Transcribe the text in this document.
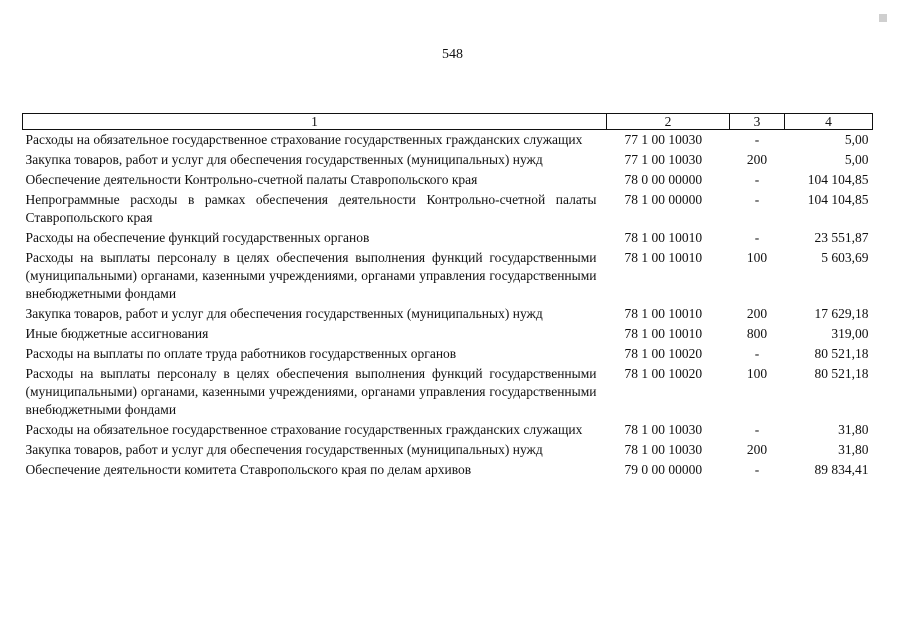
548
1	2	3	4
Расходы на обязательное государственное страхование государственных гражданских служащих	77 1 00 10030	-	5,00
Закупка товаров, работ и услуг для обеспечения государственных (муниципальных) нужд	77 1 00 10030	200	5,00
Обеспечение деятельности Контрольно-счетной палаты Ставропольского края	78 0 00 00000	-	104 104,85
Непрограммные расходы в рамках обеспечения деятельности Контрольно-счетной палаты Ставропольского края	78 1 00 00000	-	104 104,85
Расходы на обеспечение функций государственных органов	78 1 00 10010	-	23 551,87
Расходы на выплаты персоналу в целях обеспечения выполнения функций государственными (муниципальными) органами, казенными учреждениями, органами управления государственными внебюджетными фондами	78 1 00 10010	100	5 603,69
Закупка товаров, работ и услуг для обеспечения государственных (муниципальных) нужд	78 1 00 10010	200	17 629,18
Иные бюджетные ассигнования	78 1 00 10010	800	319,00
Расходы на выплаты по оплате труда работников государственных органов	78 1 00 10020	-	80 521,18
Расходы на выплаты персоналу в целях обеспечения выполнения функций государственными (муниципальными) органами, казенными учреждениями, органами управления государственными внебюджетными фондами	78 1 00 10020	100	80 521,18
Расходы на обязательное государственное страхование государственных гражданских служащих	78 1 00 10030	-	31,80
Закупка товаров, работ и услуг для обеспечения государственных (муниципальных) нужд	78 1 00 10030	200	31,80
Обеспечение деятельности комитета Ставропольского края по делам архивов	79 0 00 00000	-	89 834,41
